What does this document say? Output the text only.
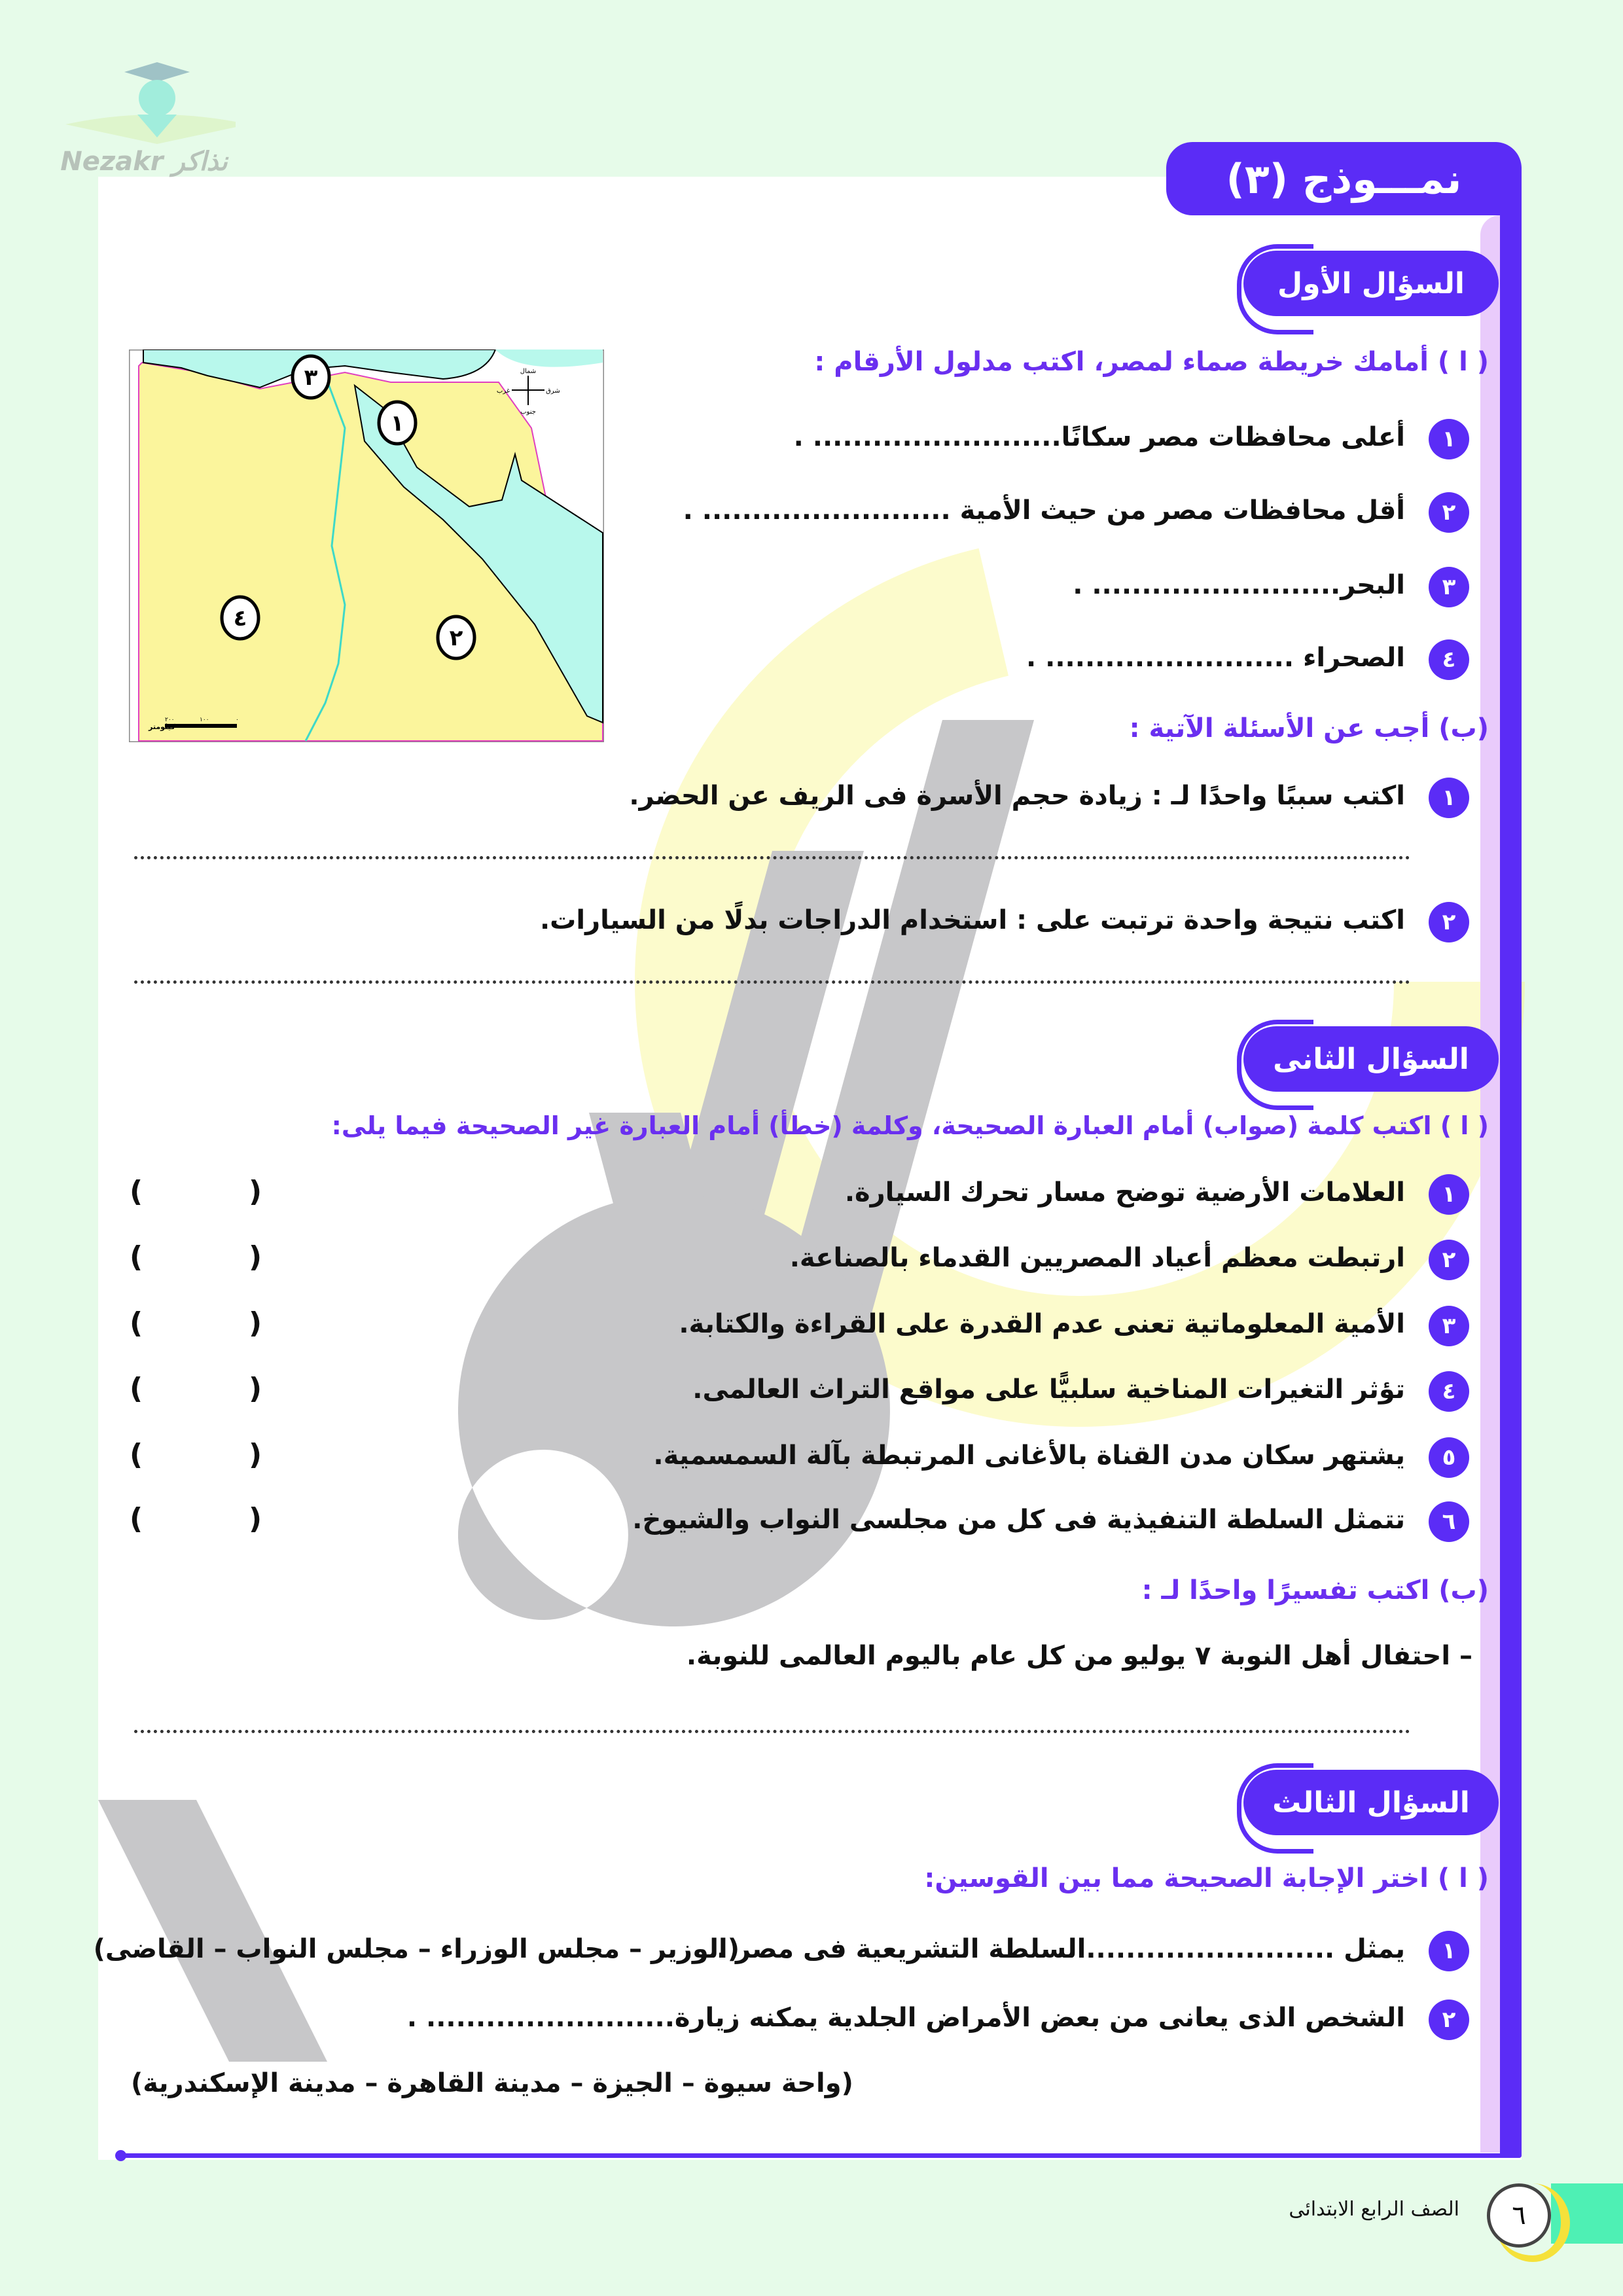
Nezakr نذاكر	نمـــوذج (٣)
السؤال الأول
( ا ) أمامك خريطة صماء لمصر، اكتب مدلول الأرقام :
١
أعلى محافظات مصر سكانًا......................... .
٢
أقل محافظات مصر من حيث الأمية ......................... .
٣
البحر......................... .
٤
الصحراء ......................... .
(ب) أجب عن الأسئلة الآتية :
١
اكتب سببًا واحدًا لـ : زيادة حجم الأسرة فى الريف عن الحضر.
٢
اكتب نتيجة واحدة ترتبت على : استخدام الدراجات بدلًا من السيارات.
شمال
جنوب
شرق
غرب
كيلومتر
٠
١٠٠
٢٠٠
١
٢
٣
٤
السؤال الثانى
( ا ) اكتب كلمة (صواب) أمام العبارة الصحيحة، وكلمة (خطأ) أمام العبارة غير الصحيحة فيما يلى:
١
العلامات الأرضية توضح مسار تحرك السيارة.
)
(
٢
ارتبطت معظم أعياد المصريين القدماء بالصناعة.
)
(
٣
الأمية المعلوماتية تعنى عدم القدرة على القراءة والكتابة.
)
(
٤
تؤثر التغيرات المناخية سلبيًّا على مواقع التراث العالمى.
)
(
٥
يشتهر سكان مدن القناة بالأغانى المرتبطة بآلة السمسمية.
)
(
٦
تتمثل السلطة التنفيذية فى كل من مجلسى النواب والشيوخ.
)
(
(ب) اكتب تفسيرًا واحدًا لـ :
– احتفال أهل النوبة ٧ يوليو من كل عام باليوم العالمى للنوبة.
السؤال الثالث
( ا ) اختر الإجابة الصحيحة مما بين القوسين:
١
يمثل .........................السلطة التشريعية فى مصر .
(الوزير – مجلس الوزراء – مجلس النواب – القاضى)
٢
الشخص الذى يعانى من بعض الأمراض الجلدية يمكنه زيارة......................... .
(واحة سيوة – الجيزة – مدينة القاهرة – مدينة الإسكندرية)
٦
الصف الرابع الابتدائى
